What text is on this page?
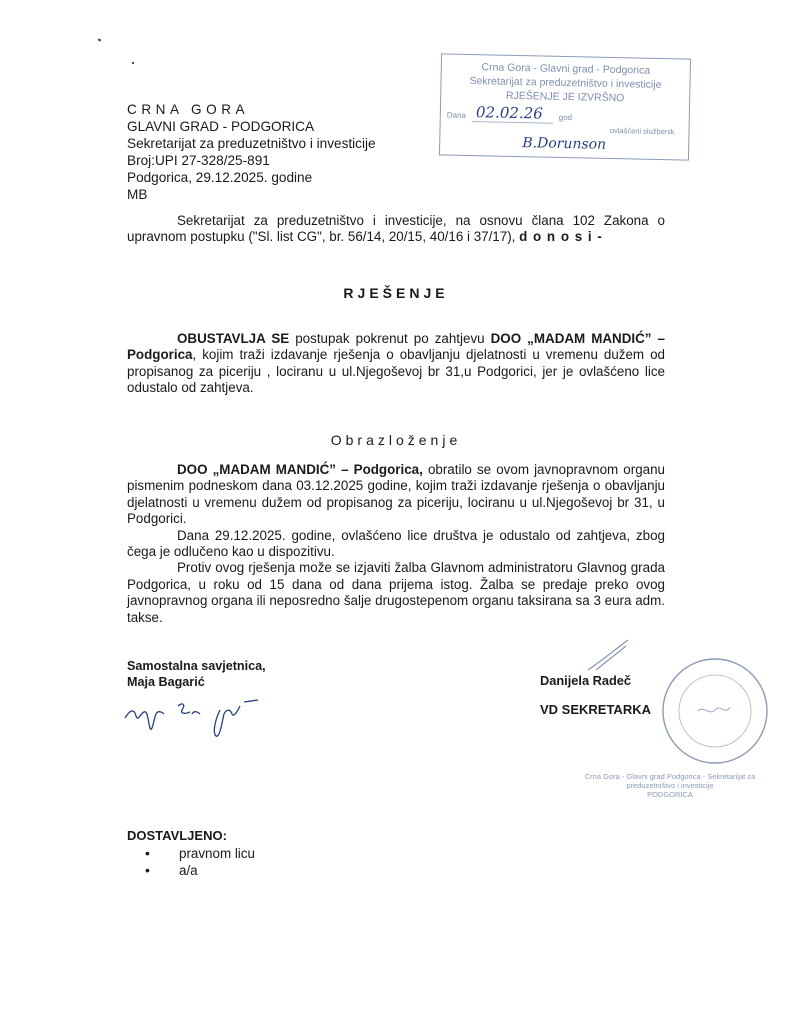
CRNA GORA
GLAVNI GRAD - PODGORICA
Sekretarijat za preduzetništvo i investicije
Broj:UPI 27-328/25-891
Podgorica, 29.12.2025. godine
MB
Crna Gora - Glavni grad - Podgorica
Sekretarijat za preduzetništvo i investicije
RJEŠENJE JE IZVRŠNO
Dana 02.02.26	god
ovlašćeni službenik
B.Dorunson
Sekretarijat za preduzetništvo i investicije, na osnovu člana 102 Zakona o upravnom postupku ("Sl. list CG", br. 56/14, 20/15, 40/16 i 37/17), d o n o s i -
RJEŠENJE
OBUSTAVLJA SE postupak pokrenut po zahtjevu DOO „MADAM MANDIĆ” – Podgorica, kojim traži izdavanje rješenja o obavljanju djelatnosti u vremenu dužem od propisanog za piceriju , lociranu u ul.Njegoševoj br 31,u Podgorici, jer je ovlašćeno lice odustalo od zahtjeva.
Obrazloženje
DOO „MADAM MANDIĆ” – Podgorica, obratilo se ovom javnopravnom organu pismenim podneskom dana 03.12.2025 godine, kojim traži izdavanje rješenja o obavljanju djelatnosti u vremenu dužem od propisanog za piceriju, lociranu u ul.Njegoševoj br 31, u Podgorici.
Dana 29.12.2025. godine, ovlašćeno lice društva je odustalo od zahtjeva, zbog čega je odlučeno kao u dispozitivu.
Protiv ovog rješenja može se izjaviti žalba Glavnom administratoru Glavnog grada Podgorica, u roku od 15 dana od dana prijema istog. Žalba se predaje preko ovog javnopravnog organa ili neposredno šalje drugostepenom organu taksirana sa 3 eura adm. takse.
Samostalna savjetnica,
Maja Bagarić	Danijela Radeč
VD SEKRETARKA
Crna Gora - Glavni grad Podgorica - Sekretarijat za preduzetništvo i investicije
PODGORICA
DOSTAVLJENO:
• pravnom licu
• a/a
